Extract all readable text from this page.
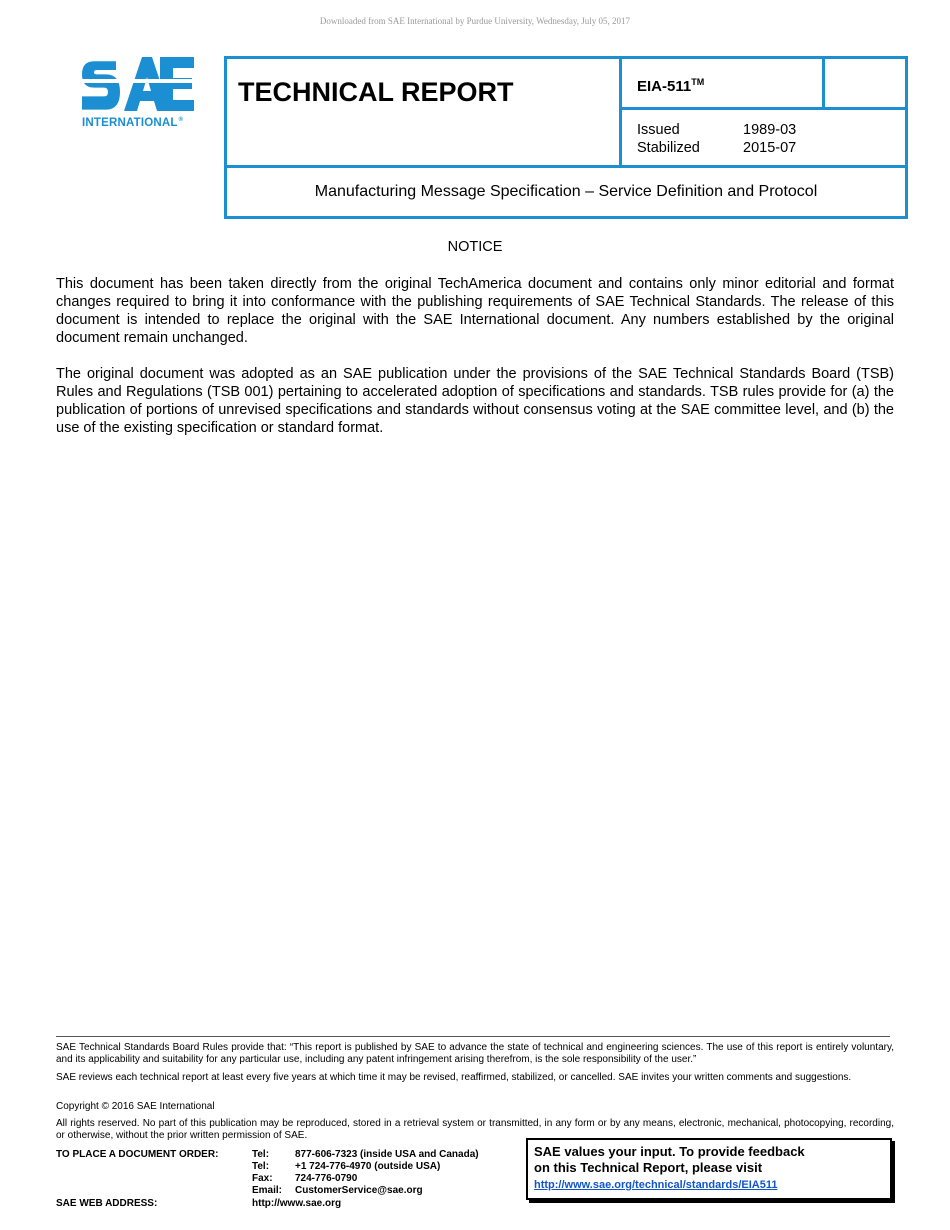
Downloaded from SAE International by Purdue University, Wednesday, July 05, 2017
INTERNATIONAL®
TECHNICAL REPORT	EIA-511™
Issued	1989-03
Stabilized	2015-07
Manufacturing Message Specification – Service Definition and Protocol
NOTICE

This document has been taken directly from the original TechAmerica document and contains only minor editorial and format changes required to bring it into conformance with the publishing requirements of SAE Technical Standards. The release of this document is intended to replace the original with the SAE International document. Any numbers established by the original document remain unchanged.

The original document was adopted as an SAE publication under the provisions of the SAE Technical Standards Board (TSB) Rules and Regulations (TSB 001) pertaining to accelerated adoption of specifications and standards. TSB rules provide for (a) the publication of portions of unrevised specifications and standards without consensus voting at the SAE committee level, and (b) the use of the existing specification or standard format.

SAE Technical Standards Board Rules provide that: “This report is published by SAE to advance the state of technical and engineering sciences. The use of this report is entirely voluntary, and its applicability and suitability for any particular use, including any patent infringement arising therefrom, is the sole responsibility of the user.”

SAE reviews each technical report at least every five years at which time it may be revised, reaffirmed, stabilized, or cancelled. SAE invites your written comments and suggestions.

Copyright © 2016 SAE International

All rights reserved. No part of this publication may be reproduced, stored in a retrieval system or transmitted, in any form or by any means, electronic, mechanical, photocopying, recording, or otherwise, without the prior written permission of SAE.

TO PLACE A DOCUMENT ORDER:	Tel:	877-606-7323 (inside USA and Canada)
Tel:	+1 724-776-4970 (outside USA)
Fax: 724-776-0790
Email: CustomerService@sae.org
SAE WEB ADDRESS:	http://www.sae.org
SAE values your input. To provide feedback
on this Technical Report, please visit
http://www.sae.org/technical/standards/EIA511
